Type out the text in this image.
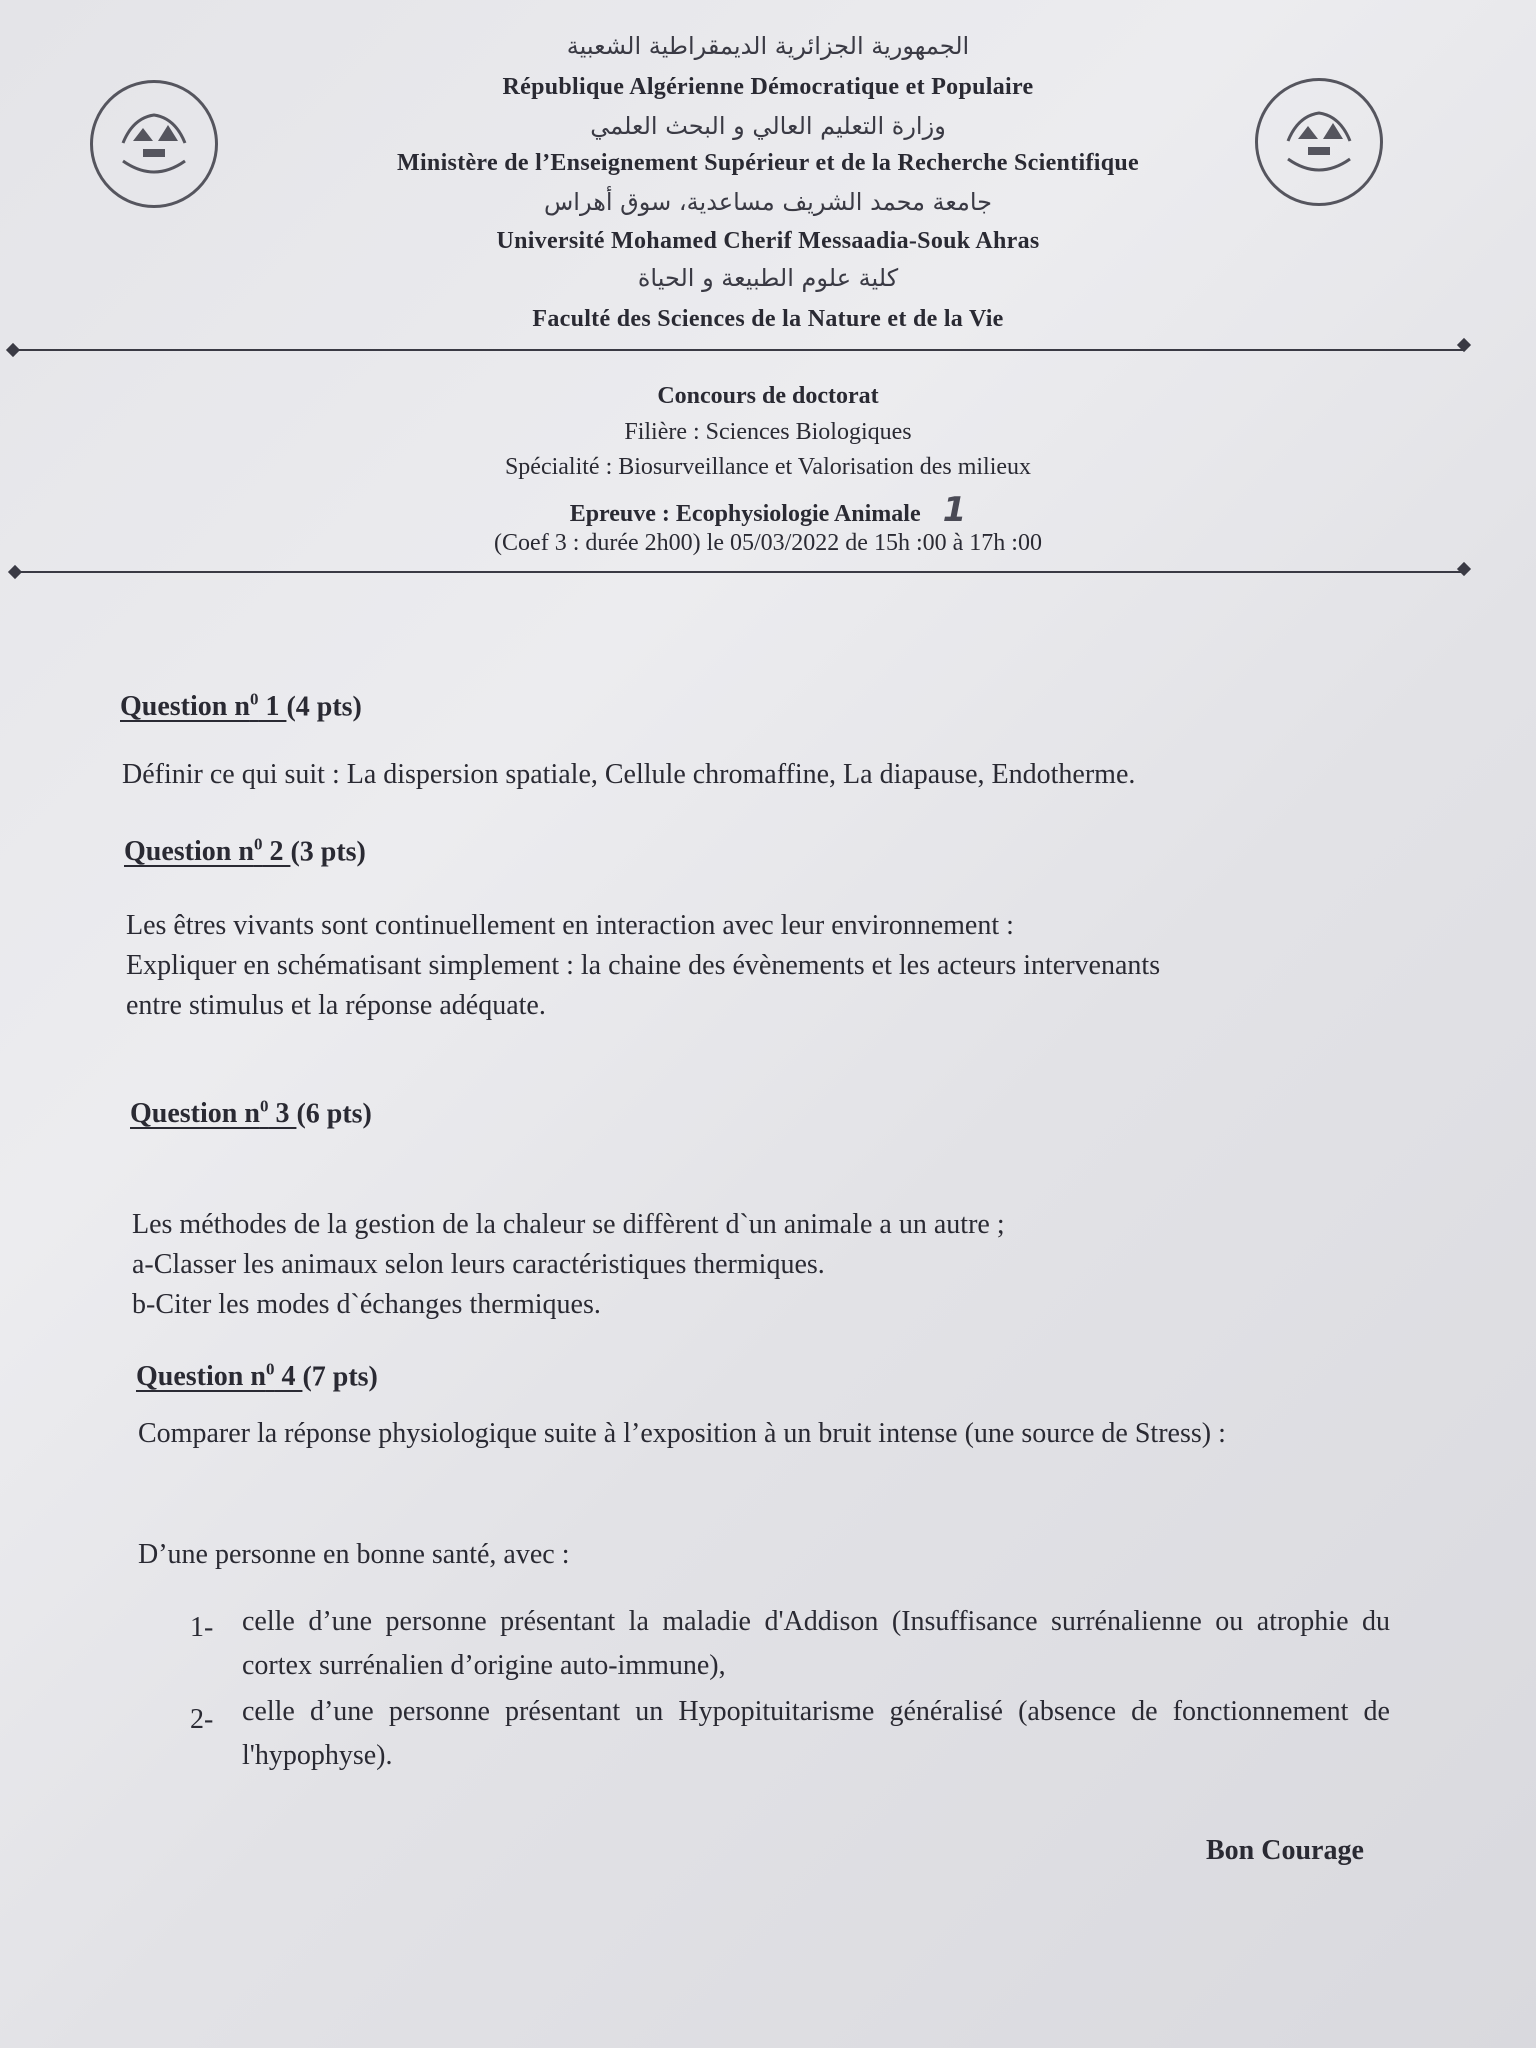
الجمهورية الجزائرية الديمقراطية الشعبية
République Algérienne Démocratique et Populaire
وزارة التعليم العالي و البحث العلمي
Ministère de l’Enseignement Supérieur et de la Recherche Scientifique
جامعة محمد الشريف مساعدية، سوق أهراس
Université Mohamed Cherif Messaadia-Souk Ahras
كلية علوم الطبيعة و الحياة
Faculté des Sciences de la Nature et de la Vie
Concours de doctorat
Filière : Sciences Biologiques
Spécialité : Biosurveillance et Valorisation des milieux
Epreuve : Ecophysiologie Animale 1
(Coef 3 : durée 2h00) le 05/03/2022 de 15h :00 à 17h :00
Question $n^0$ 1 (4 pts)
Définir ce qui suit : La dispersion spatiale, Cellule chromaffine, La diapause, Endotherme.
Question $n^0$ 2 (3 pts)
Les êtres vivants sont continuellement en interaction avec leur environnement :
Expliquer en schématisant simplement : la chaine des évènements et les acteurs intervenants
entre stimulus et la réponse adéquate.
Question $n^0$ 3 (6 pts)
Les méthodes de la gestion de la chaleur se diffèrent d`un animale a un autre ;
a-Classer les animaux selon leurs caractéristiques thermiques.
b-Citer les modes d`échanges thermiques.
Question $n^0$ 4 (7 pts)
Comparer la réponse physiologique suite à l’exposition à un bruit intense (une source de Stress) :
D’une personne en bonne santé, avec :
1- celle d’une personne présentant la maladie d'Addison (Insuffisance surrénalienne ou atrophie du cortex surrénalien d’origine auto-immune),
2- celle d’une personne présentant un Hypopituitarisme généralisé (absence de fonctionnement de l'hypophyse).
Bon Courage
